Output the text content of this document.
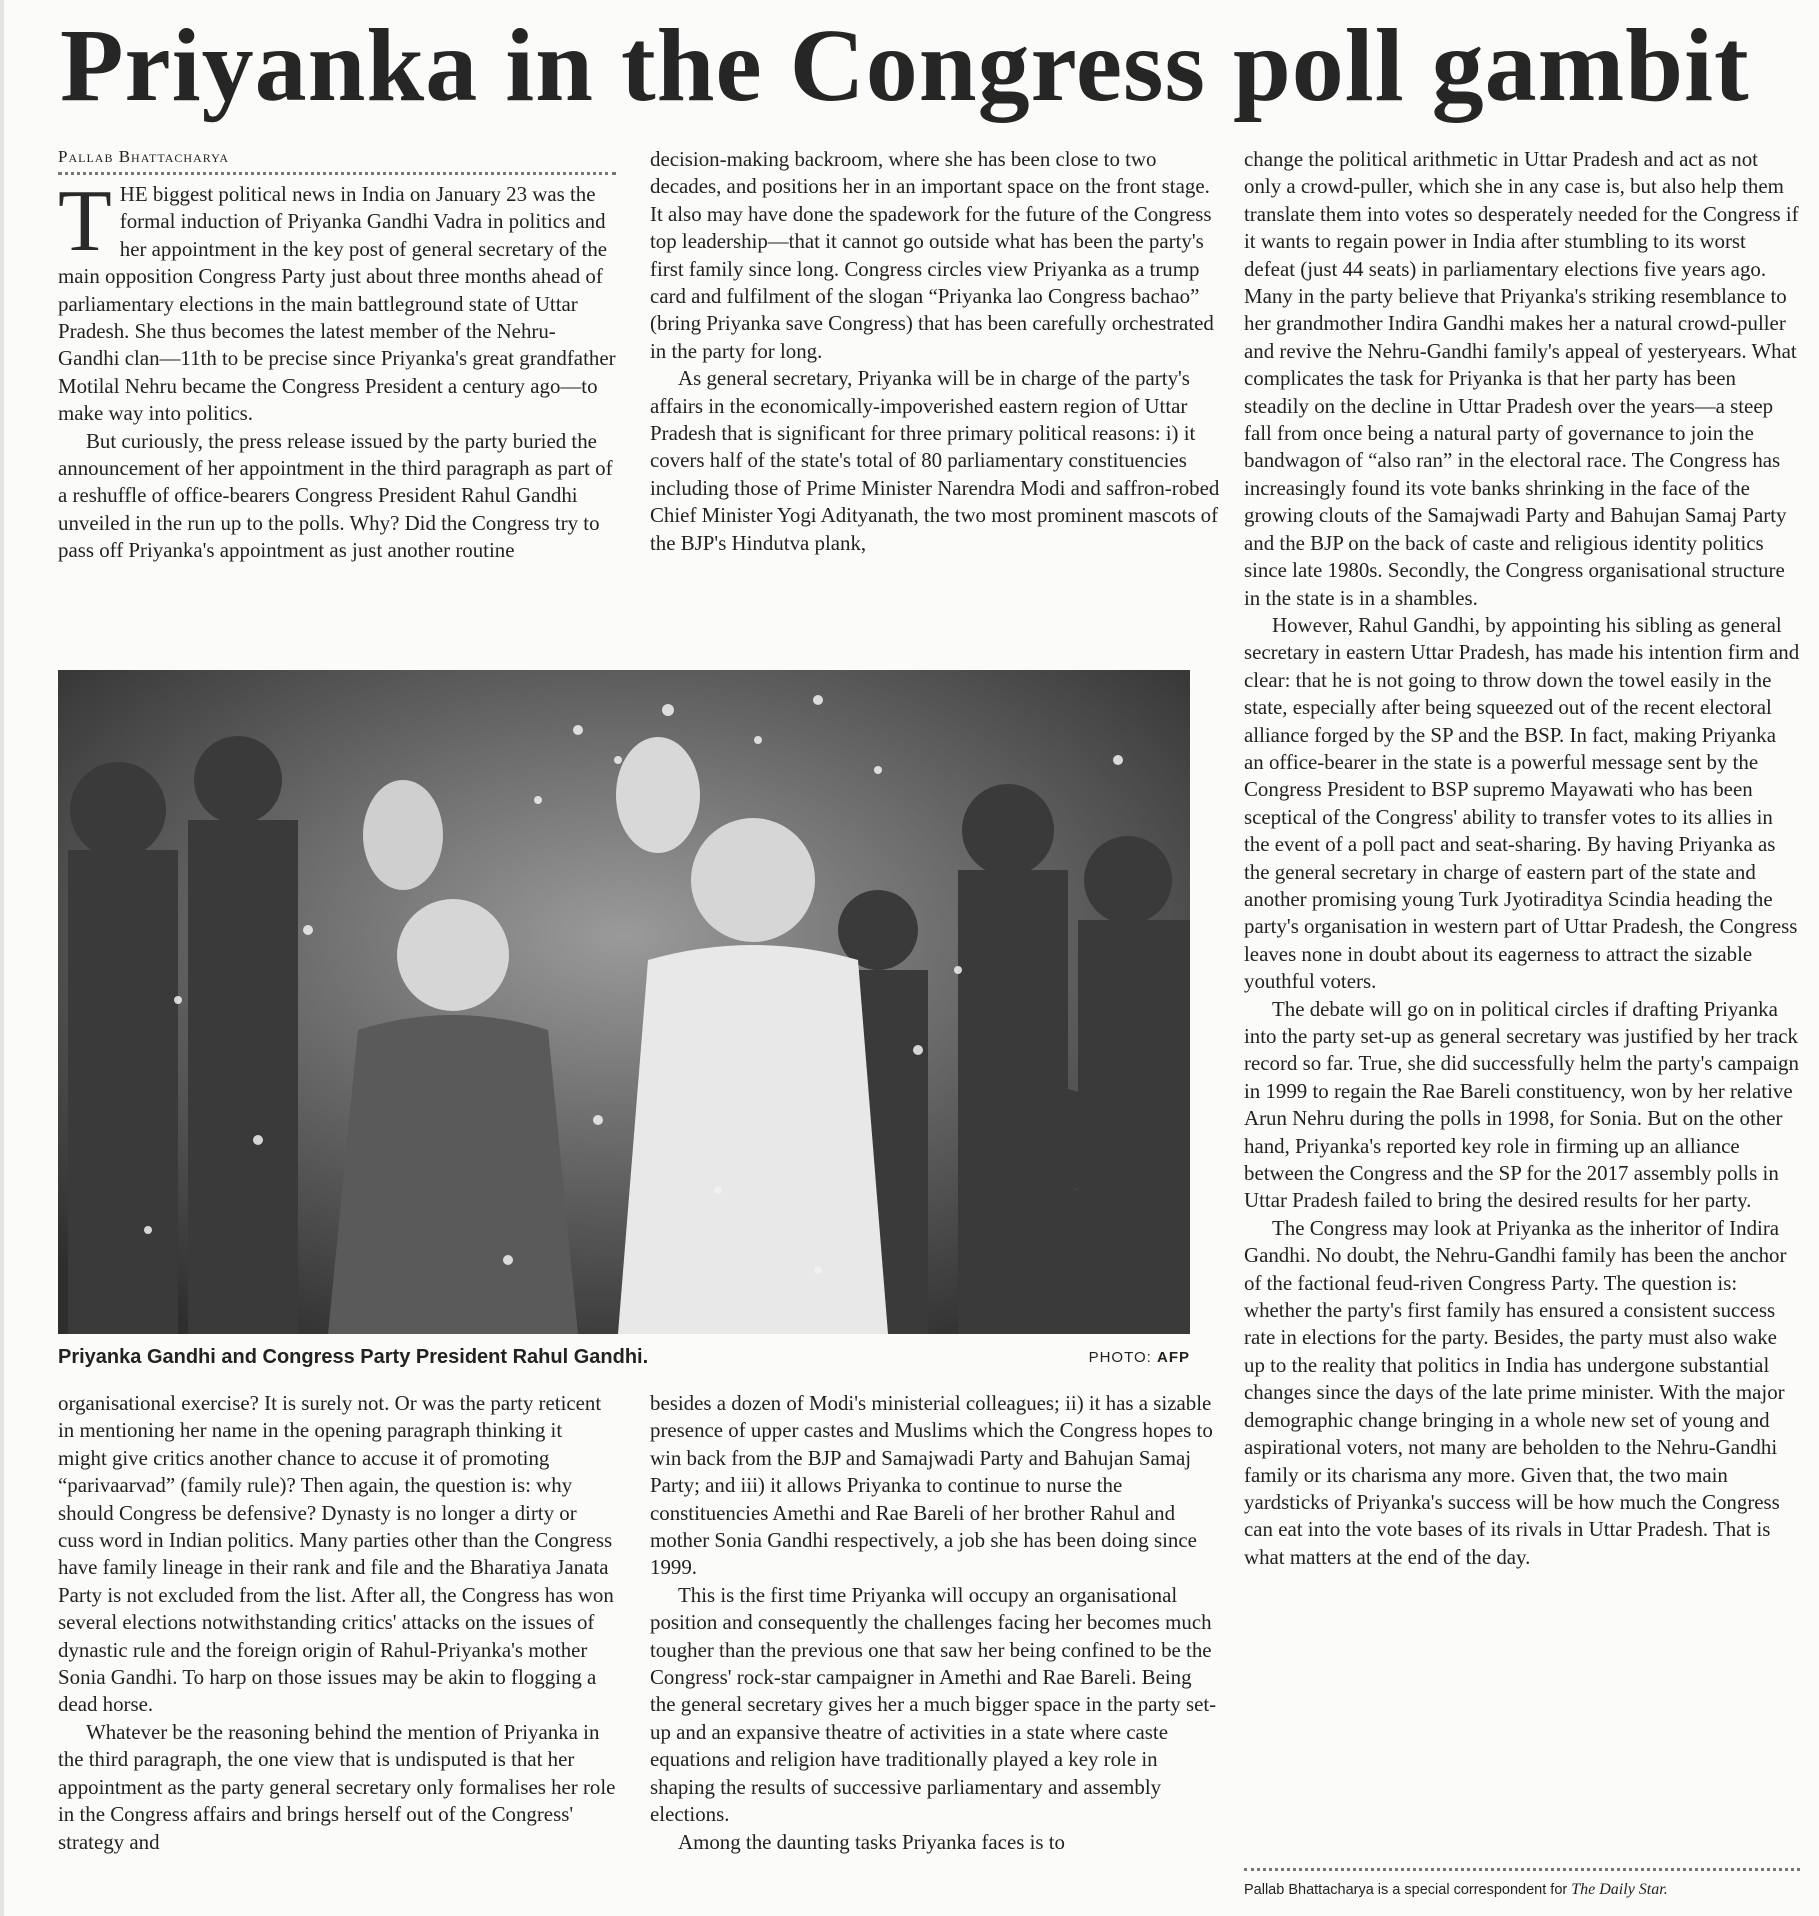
Priyanka in the Congress poll gambit
Pallab Bhattacharya

THE biggest political news in India on January 23 was the formal induction of Priyanka Gandhi Vadra in politics and her appointment in the key post of general secretary of the main opposition Congress Party just about three months ahead of parliamentary elections in the main battleground state of Uttar Pradesh. She thus becomes the latest member of the Nehru-Gandhi clan—11th to be precise since Priyanka's great grandfather Motilal Nehru became the Congress President a century ago—to make way into politics.

But curiously, the press release issued by the party buried the announcement of her appointment in the third paragraph as part of a reshuffle of office-bearers Congress President Rahul Gandhi unveiled in the run up to the polls. Why? Did the Congress try to pass off Priyanka's appointment as just another routine

decision-making backroom, where she has been close to two decades, and positions her in an important space on the front stage. It also may have done the spadework for the future of the Congress top leadership—that it cannot go outside what has been the party's first family since long. Congress circles view Priyanka as a trump card and fulfilment of the slogan “Priyanka lao Congress bachao” (bring Priyanka save Congress) that has been carefully orchestrated in the party for long.

As general secretary, Priyanka will be in charge of the party's affairs in the economically-impoverished eastern region of Uttar Pradesh that is significant for three primary political reasons: i) it covers half of the state's total of 80 parliamentary constituencies including those of Prime Minister Narendra Modi and saffron-robed Chief Minister Yogi Adityanath, the two most prominent mascots of the BJP's Hindutva plank,

change the political arithmetic in Uttar Pradesh and act as not only a crowd-puller, which she in any case is, but also help them translate them into votes so desperately needed for the Congress if it wants to regain power in India after stumbling to its worst defeat (just 44 seats) in parliamentary elections five years ago. Many in the party believe that Priyanka's striking resemblance to her grandmother Indira Gandhi makes her a natural crowd-puller and revive the Nehru-Gandhi family's appeal of yesteryears. What complicates the task for Priyanka is that her party has been steadily on the decline in Uttar Pradesh over the years—a steep fall from once being a natural party of governance to join the bandwagon of “also ran” in the electoral race. The Congress has increasingly found its vote banks shrinking in the face of the growing clouts of the Samajwadi Party and Bahujan Samaj Party and the BJP on the back of caste and religious identity politics since late 1980s. Secondly, the Congress organisational structure in the state is in a shambles.

However, Rahul Gandhi, by appointing his sibling as general secretary in eastern Uttar Pradesh, has made his intention firm and clear: that he is not going to throw down the towel easily in the state, especially after being squeezed out of the recent electoral alliance forged by the SP and the BSP. In fact, making Priyanka an office-bearer in the state is a powerful message sent by the Congress President to BSP supremo Mayawati who has been sceptical of the Congress' ability to transfer votes to its allies in the event of a poll pact and seat-sharing. By having Priyanka as the general secretary in charge of eastern part of the state and another promising young Turk Jyotiraditya Scindia heading the party's organisation in western part of Uttar Pradesh, the Congress leaves none in doubt about its eagerness to attract the sizable youthful voters.

The debate will go on in political circles if drafting Priyanka into the party set-up as general secretary was justified by her track record so far. True, she did successfully helm the party's campaign in 1999 to regain the Rae Bareli constituency, won by her relative Arun Nehru during the polls in 1998, for Sonia. But on the other hand, Priyanka's reported key role in firming up an alliance between the Congress and the SP for the 2017 assembly polls in Uttar Pradesh failed to bring the desired results for her party.

The Congress may look at Priyanka as the inheritor of Indira Gandhi. No doubt, the Nehru-Gandhi family has been the anchor of the factional feud-riven Congress Party. The question is: whether the party's first family has ensured a consistent success rate in elections for the party. Besides, the party must also wake up to the reality that politics in India has undergone substantial changes since the days of the late prime minister. With the major demographic change bringing in a whole new set of young and aspirational voters, not many are beholden to the Nehru-Gandhi family or its charisma any more. Given that, the two main yardsticks of Priyanka's success will be how much the Congress can eat into the vote bases of its rivals in Uttar Pradesh. That is what matters at the end of the day.

Priyanka Gandhi and Congress Party President Rahul Gandhi.	PHOTO: AFP

organisational exercise? It is surely not. Or was the party reticent in mentioning her name in the opening paragraph thinking it might give critics another chance to accuse it of promoting “parivaarvad” (family rule)? Then again, the question is: why should Congress be defensive? Dynasty is no longer a dirty or cuss word in Indian politics. Many parties other than the Congress have family lineage in their rank and file and the Bharatiya Janata Party is not excluded from the list. After all, the Congress has won several elections notwithstanding critics' attacks on the issues of dynastic rule and the foreign origin of Rahul-Priyanka's mother Sonia Gandhi. To harp on those issues may be akin to flogging a dead horse.

Whatever be the reasoning behind the mention of Priyanka in the third paragraph, the one view that is undisputed is that her appointment as the party general secretary only formalises her role in the Congress affairs and brings herself out of the Congress' strategy and

besides a dozen of Modi's ministerial colleagues; ii) it has a sizable presence of upper castes and Muslims which the Congress hopes to win back from the BJP and Samajwadi Party and Bahujan Samaj Party; and iii) it allows Priyanka to continue to nurse the constituencies Amethi and Rae Bareli of her brother Rahul and mother Sonia Gandhi respectively, a job she has been doing since 1999.

This is the first time Priyanka will occupy an organisational position and consequently the challenges facing her becomes much tougher than the previous one that saw her being confined to be the Congress' rock-star campaigner in Amethi and Rae Bareli. Being the general secretary gives her a much bigger space in the party set-up and an expansive theatre of activities in a state where caste equations and religion have traditionally played a key role in shaping the results of successive parliamentary and assembly elections.

Among the daunting tasks Priyanka faces is to

Pallab Bhattacharya is a special correspondent for The Daily Star.
